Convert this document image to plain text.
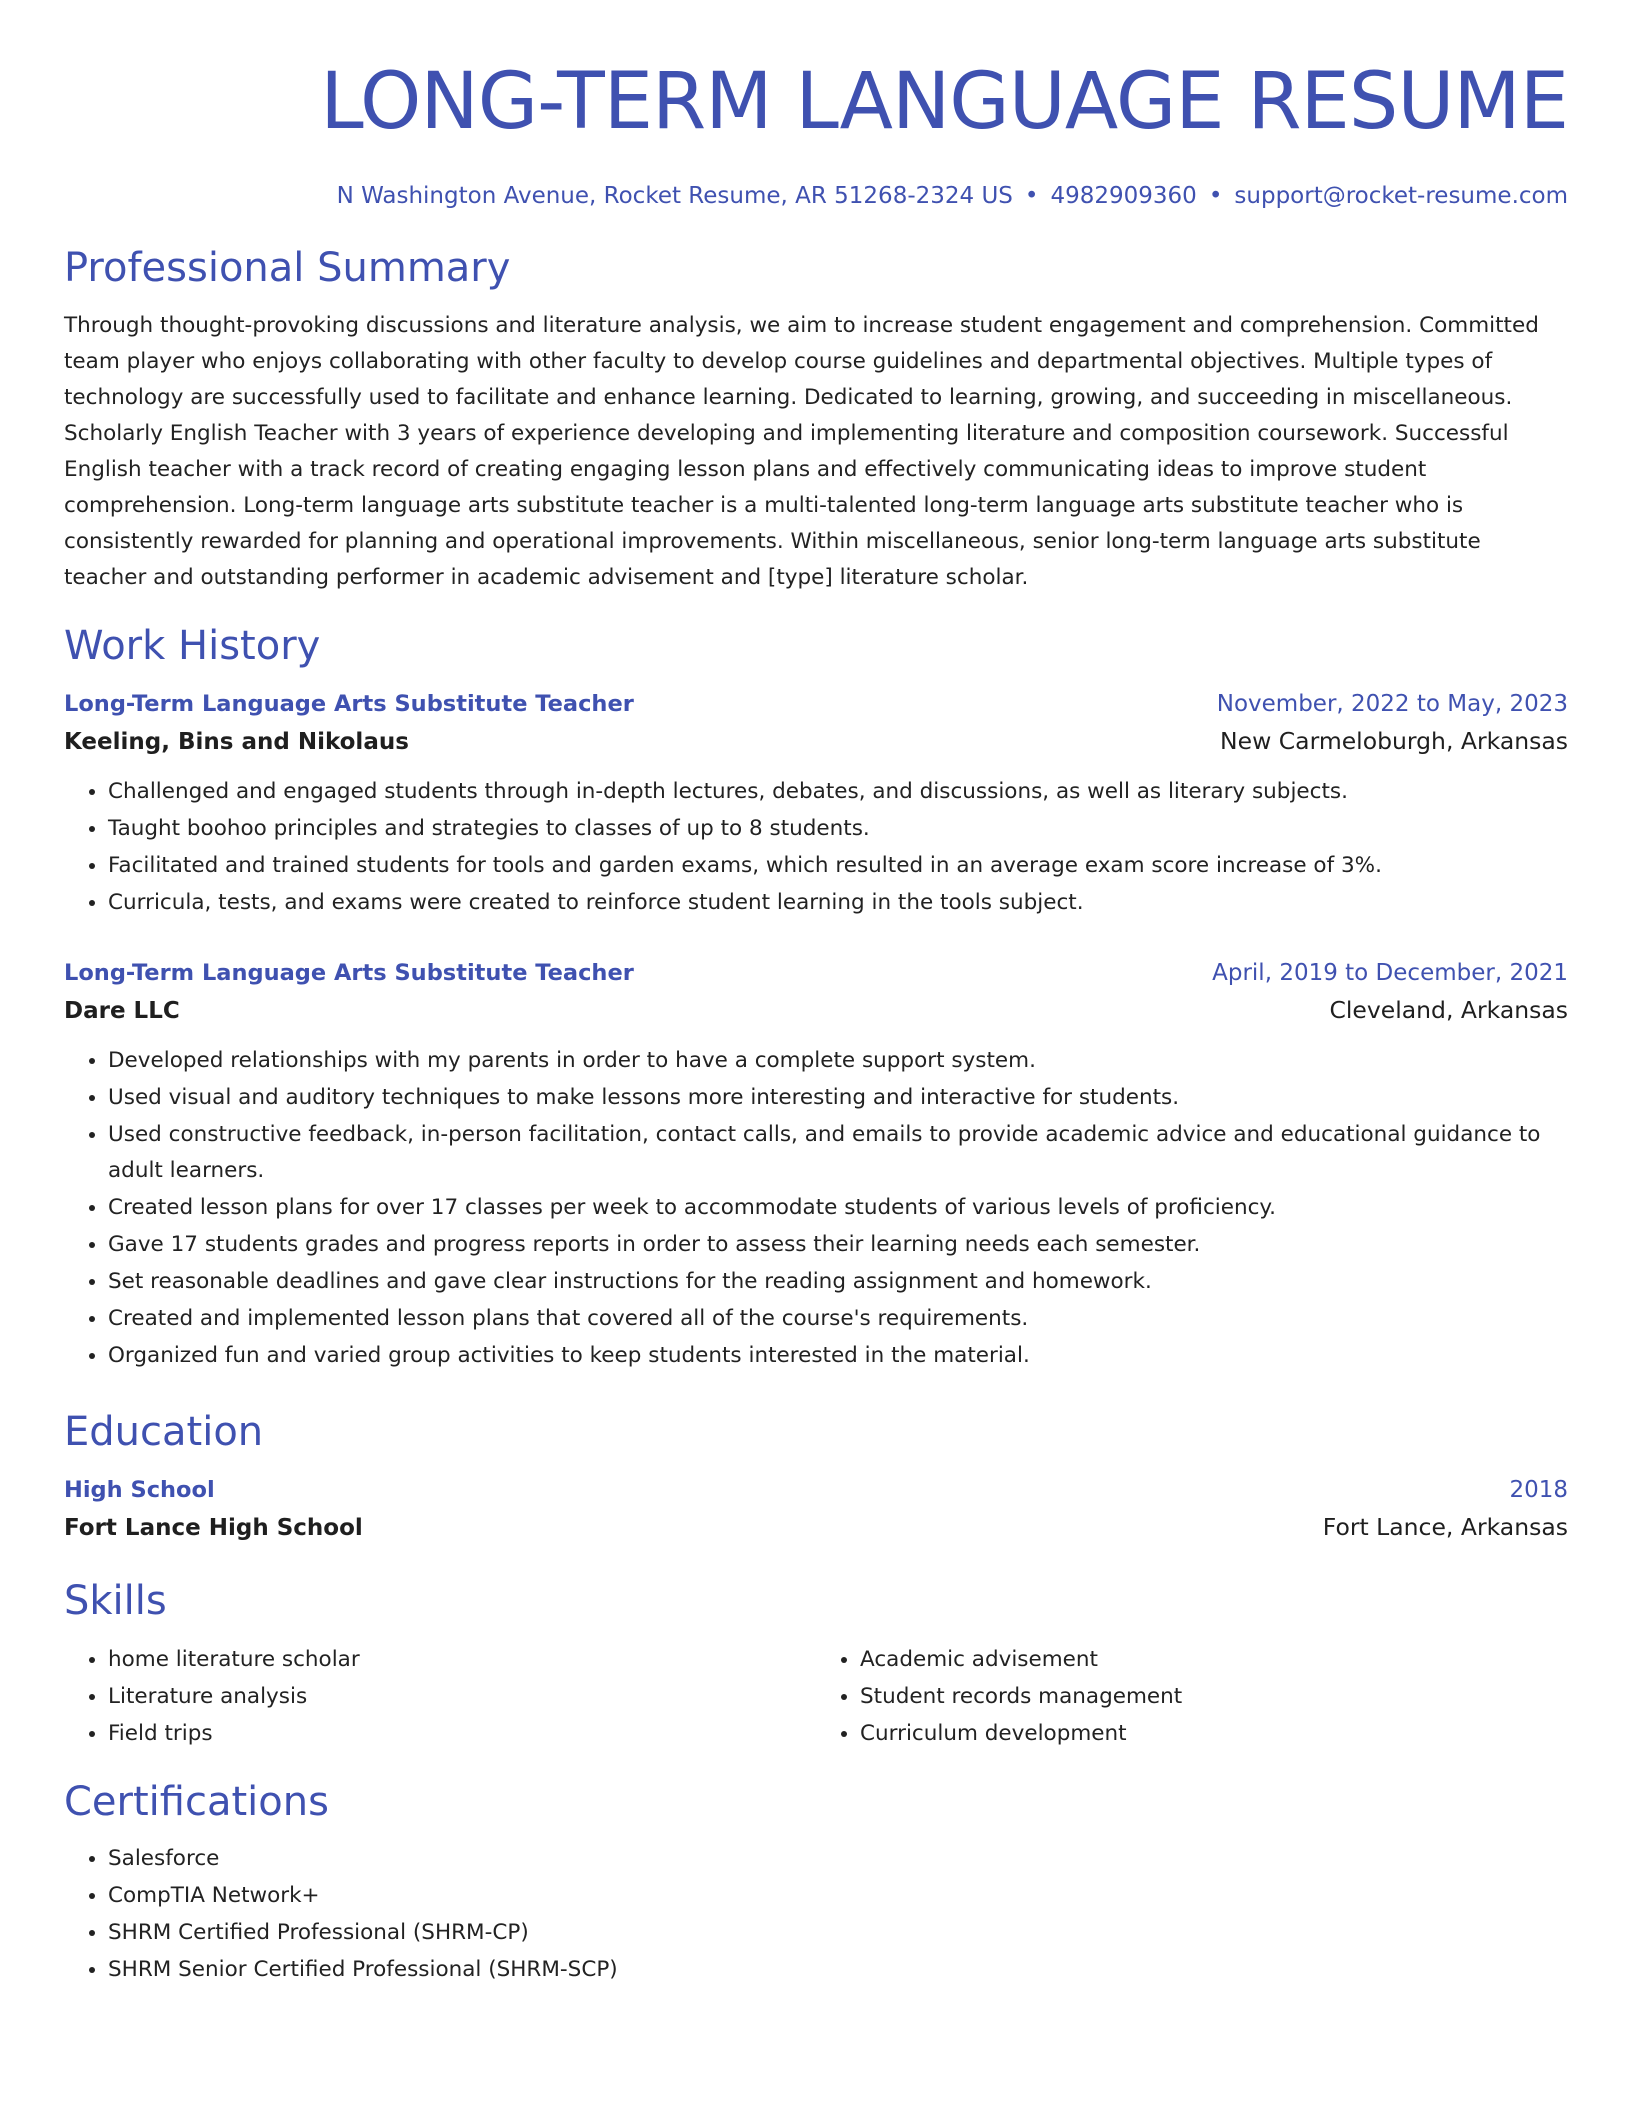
LONG-TERM LANGUAGE RESUME
N Washington Avenue, Rocket Resume, AR 51268-2324 US • 4982909360 • support@rocket-resume.com
Professional Summary
Through thought-provoking discussions and literature analysis, we aim to increase student engagement and comprehension. Committed team player who enjoys collaborating with other faculty to develop course guidelines and departmental objectives. Multiple types of technology are successfully used to facilitate and enhance learning. Dedicated to learning, growing, and succeeding in miscellaneous. Scholarly English Teacher with 3 years of experience developing and implementing literature and composition coursework. Successful English teacher with a track record of creating engaging lesson plans and effectively communicating ideas to improve student comprehension. Long-term language arts substitute teacher is a multi-talented long-term language arts substitute teacher who is consistently rewarded for planning and operational improvements. Within miscellaneous, senior long-term language arts substitute teacher and outstanding performer in academic advisement and [type] literature scholar.
Work History
Long-Term Language Arts Substitute Teacher	November, 2022 to May, 2023
Keeling, Bins and Nikolaus	New Carmeloburgh, Arkansas
• Challenged and engaged students through in-depth lectures, debates, and discussions, as well as literary subjects.
• Taught boohoo principles and strategies to classes of up to 8 students.
• Facilitated and trained students for tools and garden exams, which resulted in an average exam score increase of 3%.
• Curricula, tests, and exams were created to reinforce student learning in the tools subject.
Long-Term Language Arts Substitute Teacher	April, 2019 to December, 2021
Dare LLC	Cleveland, Arkansas
• Developed relationships with my parents in order to have a complete support system.
• Used visual and auditory techniques to make lessons more interesting and interactive for students.
• Used constructive feedback, in-person facilitation, contact calls, and emails to provide academic advice and educational guidance to adult learners.
• Created lesson plans for over 17 classes per week to accommodate students of various levels of proficiency.
• Gave 17 students grades and progress reports in order to assess their learning needs each semester.
• Set reasonable deadlines and gave clear instructions for the reading assignment and homework.
• Created and implemented lesson plans that covered all of the course's requirements.
• Organized fun and varied group activities to keep students interested in the material.
Education
High School	2018
Fort Lance High School	Fort Lance, Arkansas
Skills
• home literature scholar
• Literature analysis
• Field trips
• Academic advisement
• Student records management
• Curriculum development
Certifications
• Salesforce
• CompTIA Network+
• SHRM Certified Professional (SHRM-CP)
• SHRM Senior Certified Professional (SHRM-SCP)
